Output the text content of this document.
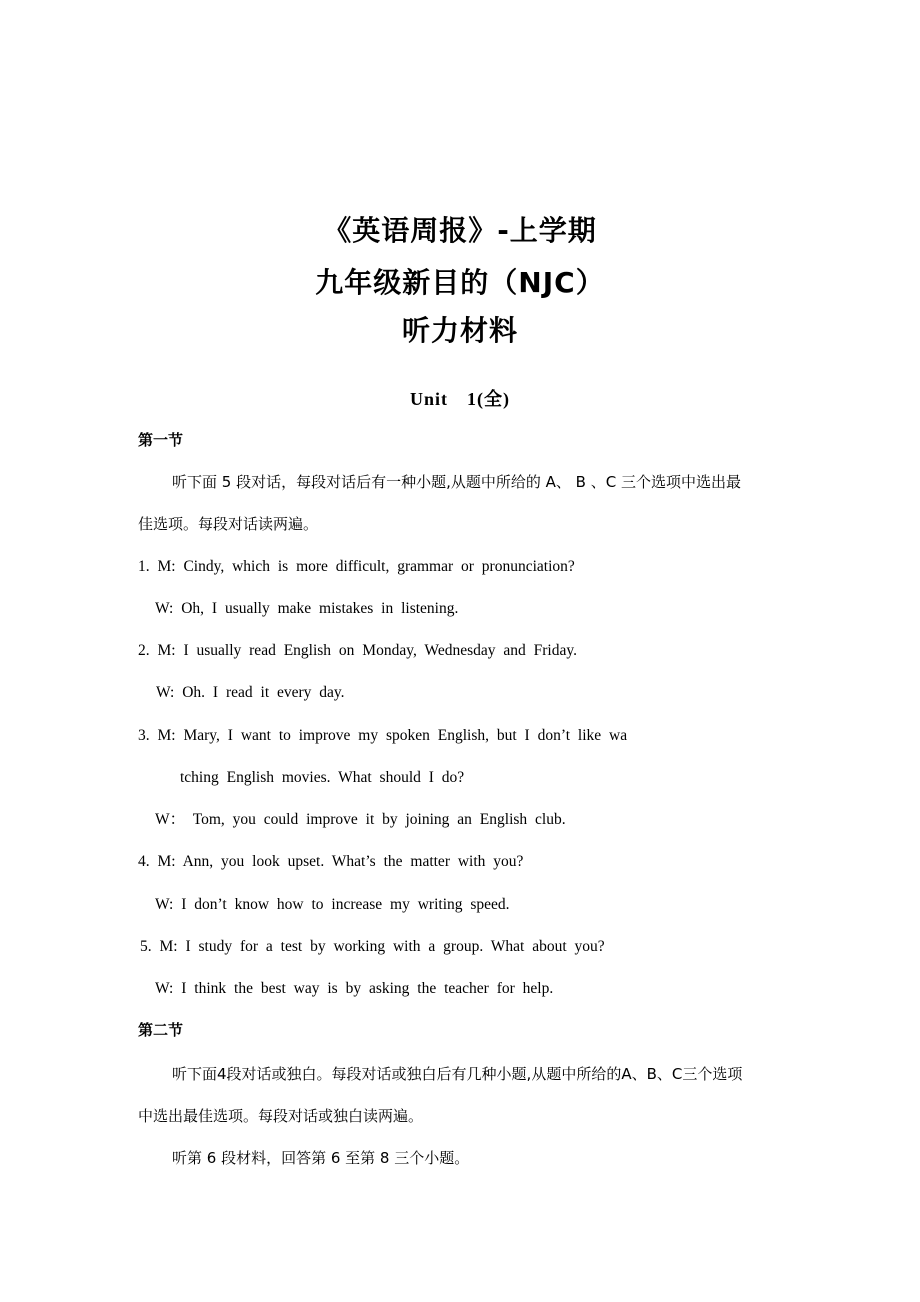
《英语周报》-上学期
九年级新目的（NJC）
听力材料
Unit　1(全)
第一节
听下面 5 段对话，每段对话后有一种小题,从题中所给的 A、 B 、C 三个选项中选出最
佳选项。每段对话读两遍。
1. M: Cindy, which is more difficult, grammar or pronunciation?
W: Oh, I usually make mistakes in listening.
2. M: I usually read English on Monday, Wednesday and Friday.
W: Oh. I read it every day.
3. M: Mary, I want to improve my spoken English, but I don’t like wa
tching English movies. What should I do?
W： Tom, you could improve it by joining an English club.
4. M: Ann, you look upset. What’s the matter with you?
W: I don’t know how to increase my writing speed.
5. M: I study for a test by working with a group. What about you?
W: I think the best way is by asking the teacher for help.
第二节
听下面4段对话或独白。每段对话或独白后有几种小题,从题中所给的A、B、C三个选项
中选出最佳选项。每段对话或独白读两遍。
听第 6 段材料，回答第 6 至第 8 三个小题。
